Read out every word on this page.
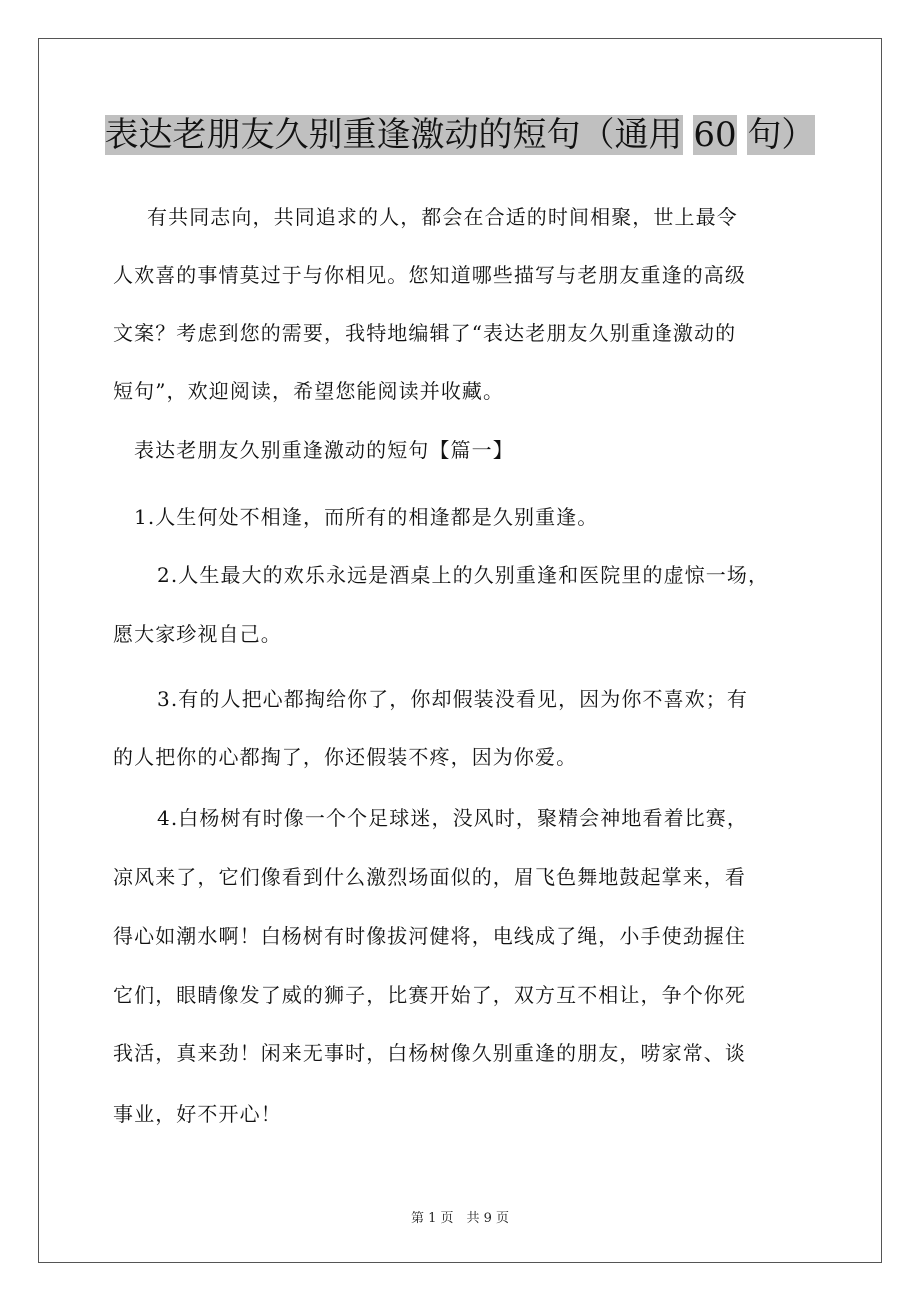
表达老朋友久别重逢激动的短句（通用 60 句）
有共同志向，共同追求的人，都会在合适的时间相聚，世上最令
人欢喜的事情莫过于与你相见。您知道哪些描写与老朋友重逢的高级
文案？考虑到您的需要，我特地编辑了“表达老朋友久别重逢激动的
短句”，欢迎阅读，希望您能阅读并收藏。
表达老朋友久别重逢激动的短句【篇一】
1.人生何处不相逢，而所有的相逢都是久别重逢。
2.人生最大的欢乐永远是酒桌上的久别重逢和医院里的虚惊一场，
愿大家珍视自己。
3.有的人把心都掏给你了，你却假装没看见，因为你不喜欢；有
的人把你的心都掏了，你还假装不疼，因为你爱。
4.白杨树有时像一个个足球迷，没风时，聚精会神地看着比赛，
凉风来了，它们像看到什么激烈场面似的，眉飞色舞地鼓起掌来，看
得心如潮水啊！白杨树有时像拔河健将，电线成了绳，小手使劲握住
它们，眼睛像发了威的狮子，比赛开始了，双方互不相让，争个你死
我活，真来劲！闲来无事时，白杨树像久别重逢的朋友，唠家常、谈
事业，好不开心！
第 1 页　共 9 页
